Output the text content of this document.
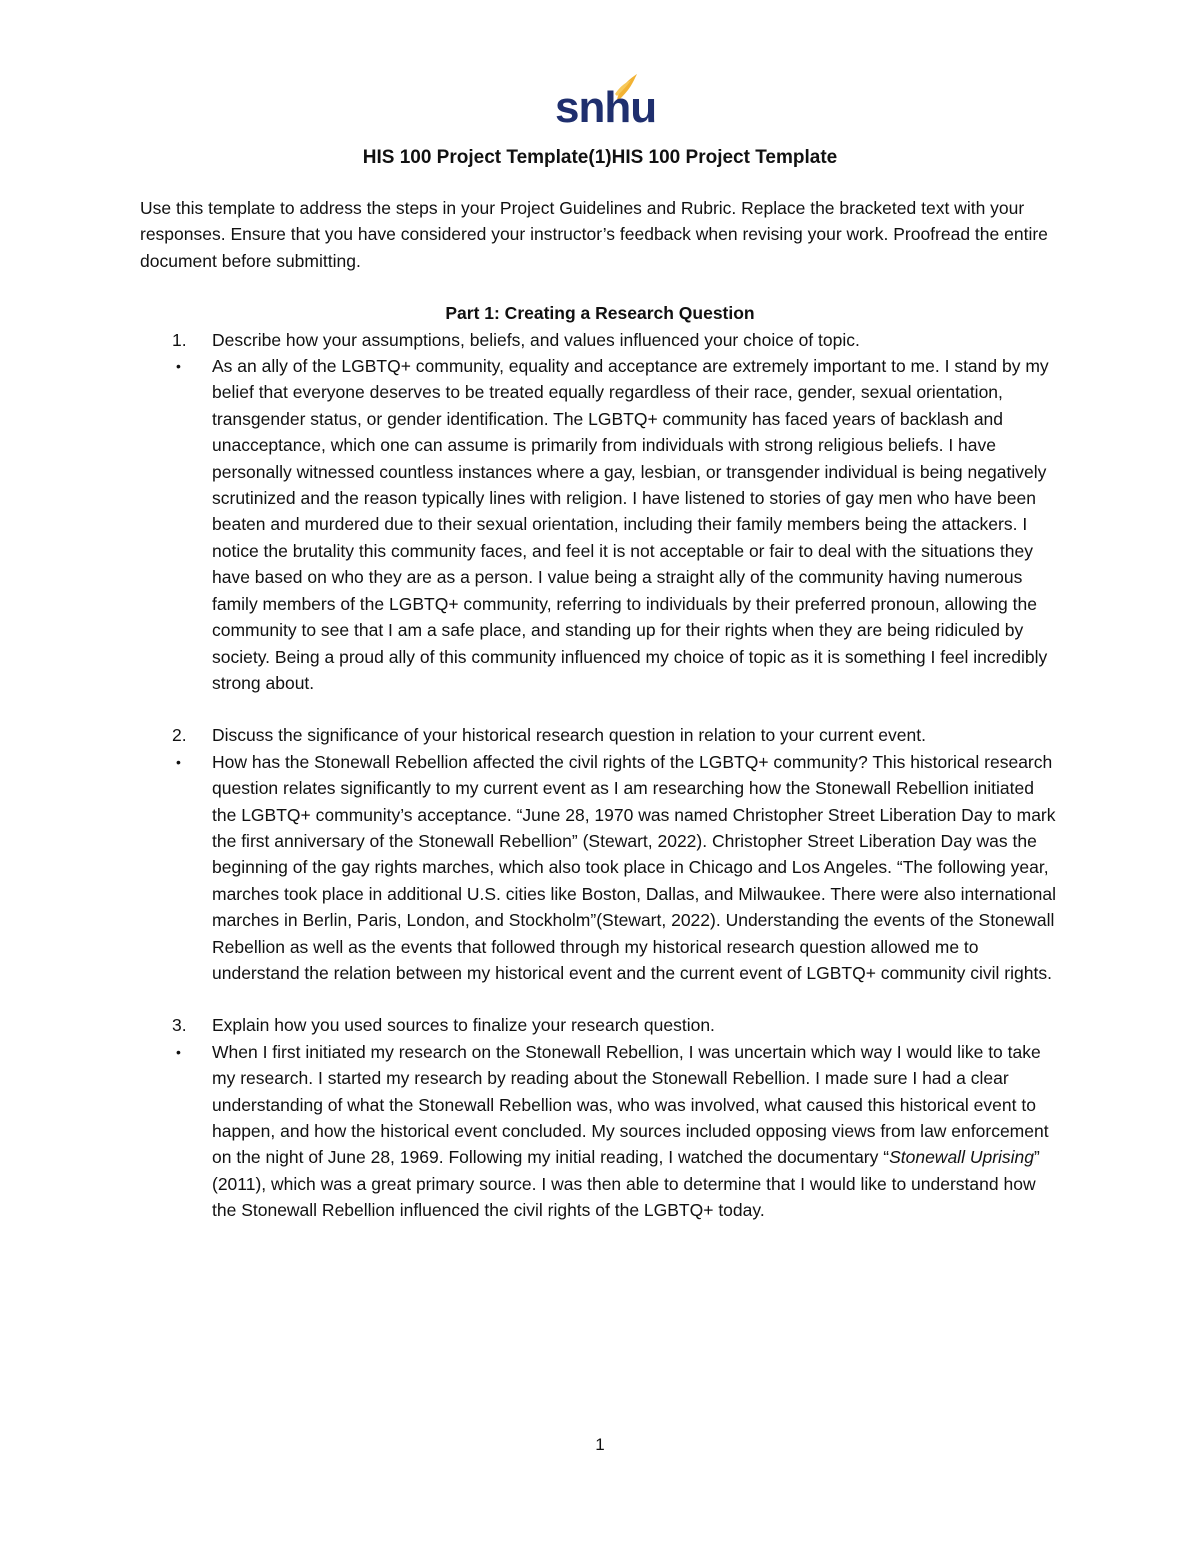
snhu
HIS 100 Project Template(1)HIS 100 Project Template

Use this template to address the steps in your Project Guidelines and Rubric. Replace the bracketed text with your responses. Ensure that you have considered your instructor’s feedback when revising your work. Proofread the entire document before submitting.

Part 1: Creating a Research Question

1.	Describe how your assumptions, beliefs, and values influenced your choice of topic.
•	As an ally of the LGBTQ+ community, equality and acceptance are extremely important to me. I stand by my belief that everyone deserves to be treated equally regardless of their race, gender, sexual orientation, transgender status, or gender identification. The LGBTQ+ community has faced years of backlash and unacceptance, which one can assume is primarily from individuals with strong religious beliefs. I have personally witnessed countless instances where a gay, lesbian, or transgender individual is being negatively scrutinized and the reason typically lines with religion. I have listened to stories of gay men who have been beaten and murdered due to their sexual orientation, including their family members being the attackers. I notice the brutality this community faces, and feel it is not acceptable or fair to deal with the situations they have based on who they are as a person. I value being a straight ally of the community having numerous family members of the LGBTQ+ community, referring to individuals by their preferred pronoun, allowing the community to see that I am a safe place, and standing up for their rights when they are being ridiculed by society. Being a proud ally of this community influenced my choice of topic as it is something I feel incredibly strong about.
2.	Discuss the significance of your historical research question in relation to your current event.
•	How has the Stonewall Rebellion affected the civil rights of the LGBTQ+ community? This historical research question relates significantly to my current event as I am researching how the Stonewall Rebellion initiated the LGBTQ+ community’s acceptance. “June 28, 1970 was named Christopher Street Liberation Day to mark the first anniversary of the Stonewall Rebellion” (Stewart, 2022). Christopher Street Liberation Day was the beginning of the gay rights marches, which also took place in Chicago and Los Angeles. “The following year, marches took place in additional U.S. cities like Boston, Dallas, and Milwaukee. There were also international marches in Berlin, Paris, London, and Stockholm”(Stewart, 2022). Understanding the events of the Stonewall Rebellion as well as the events that followed through my historical research question allowed me to understand the relation between my historical event and the current event of LGBTQ+ community civil rights.
3.	Explain how you used sources to finalize your research question.
•	When I first initiated my research on the Stonewall Rebellion, I was uncertain which way I would like to take my research. I started my research by reading about the Stonewall Rebellion. I made sure I had a clear understanding of what the Stonewall Rebellion was, who was involved, what caused this historical event to happen, and how the historical event concluded. My sources included opposing views from law enforcement on the night of June 28, 1969. Following my initial reading, I watched the documentary “Stonewall Uprising” (2011), which was a great primary source. I was then able to determine that I would like to understand how the Stonewall Rebellion influenced the civil rights of the LGBTQ+ today.
1
